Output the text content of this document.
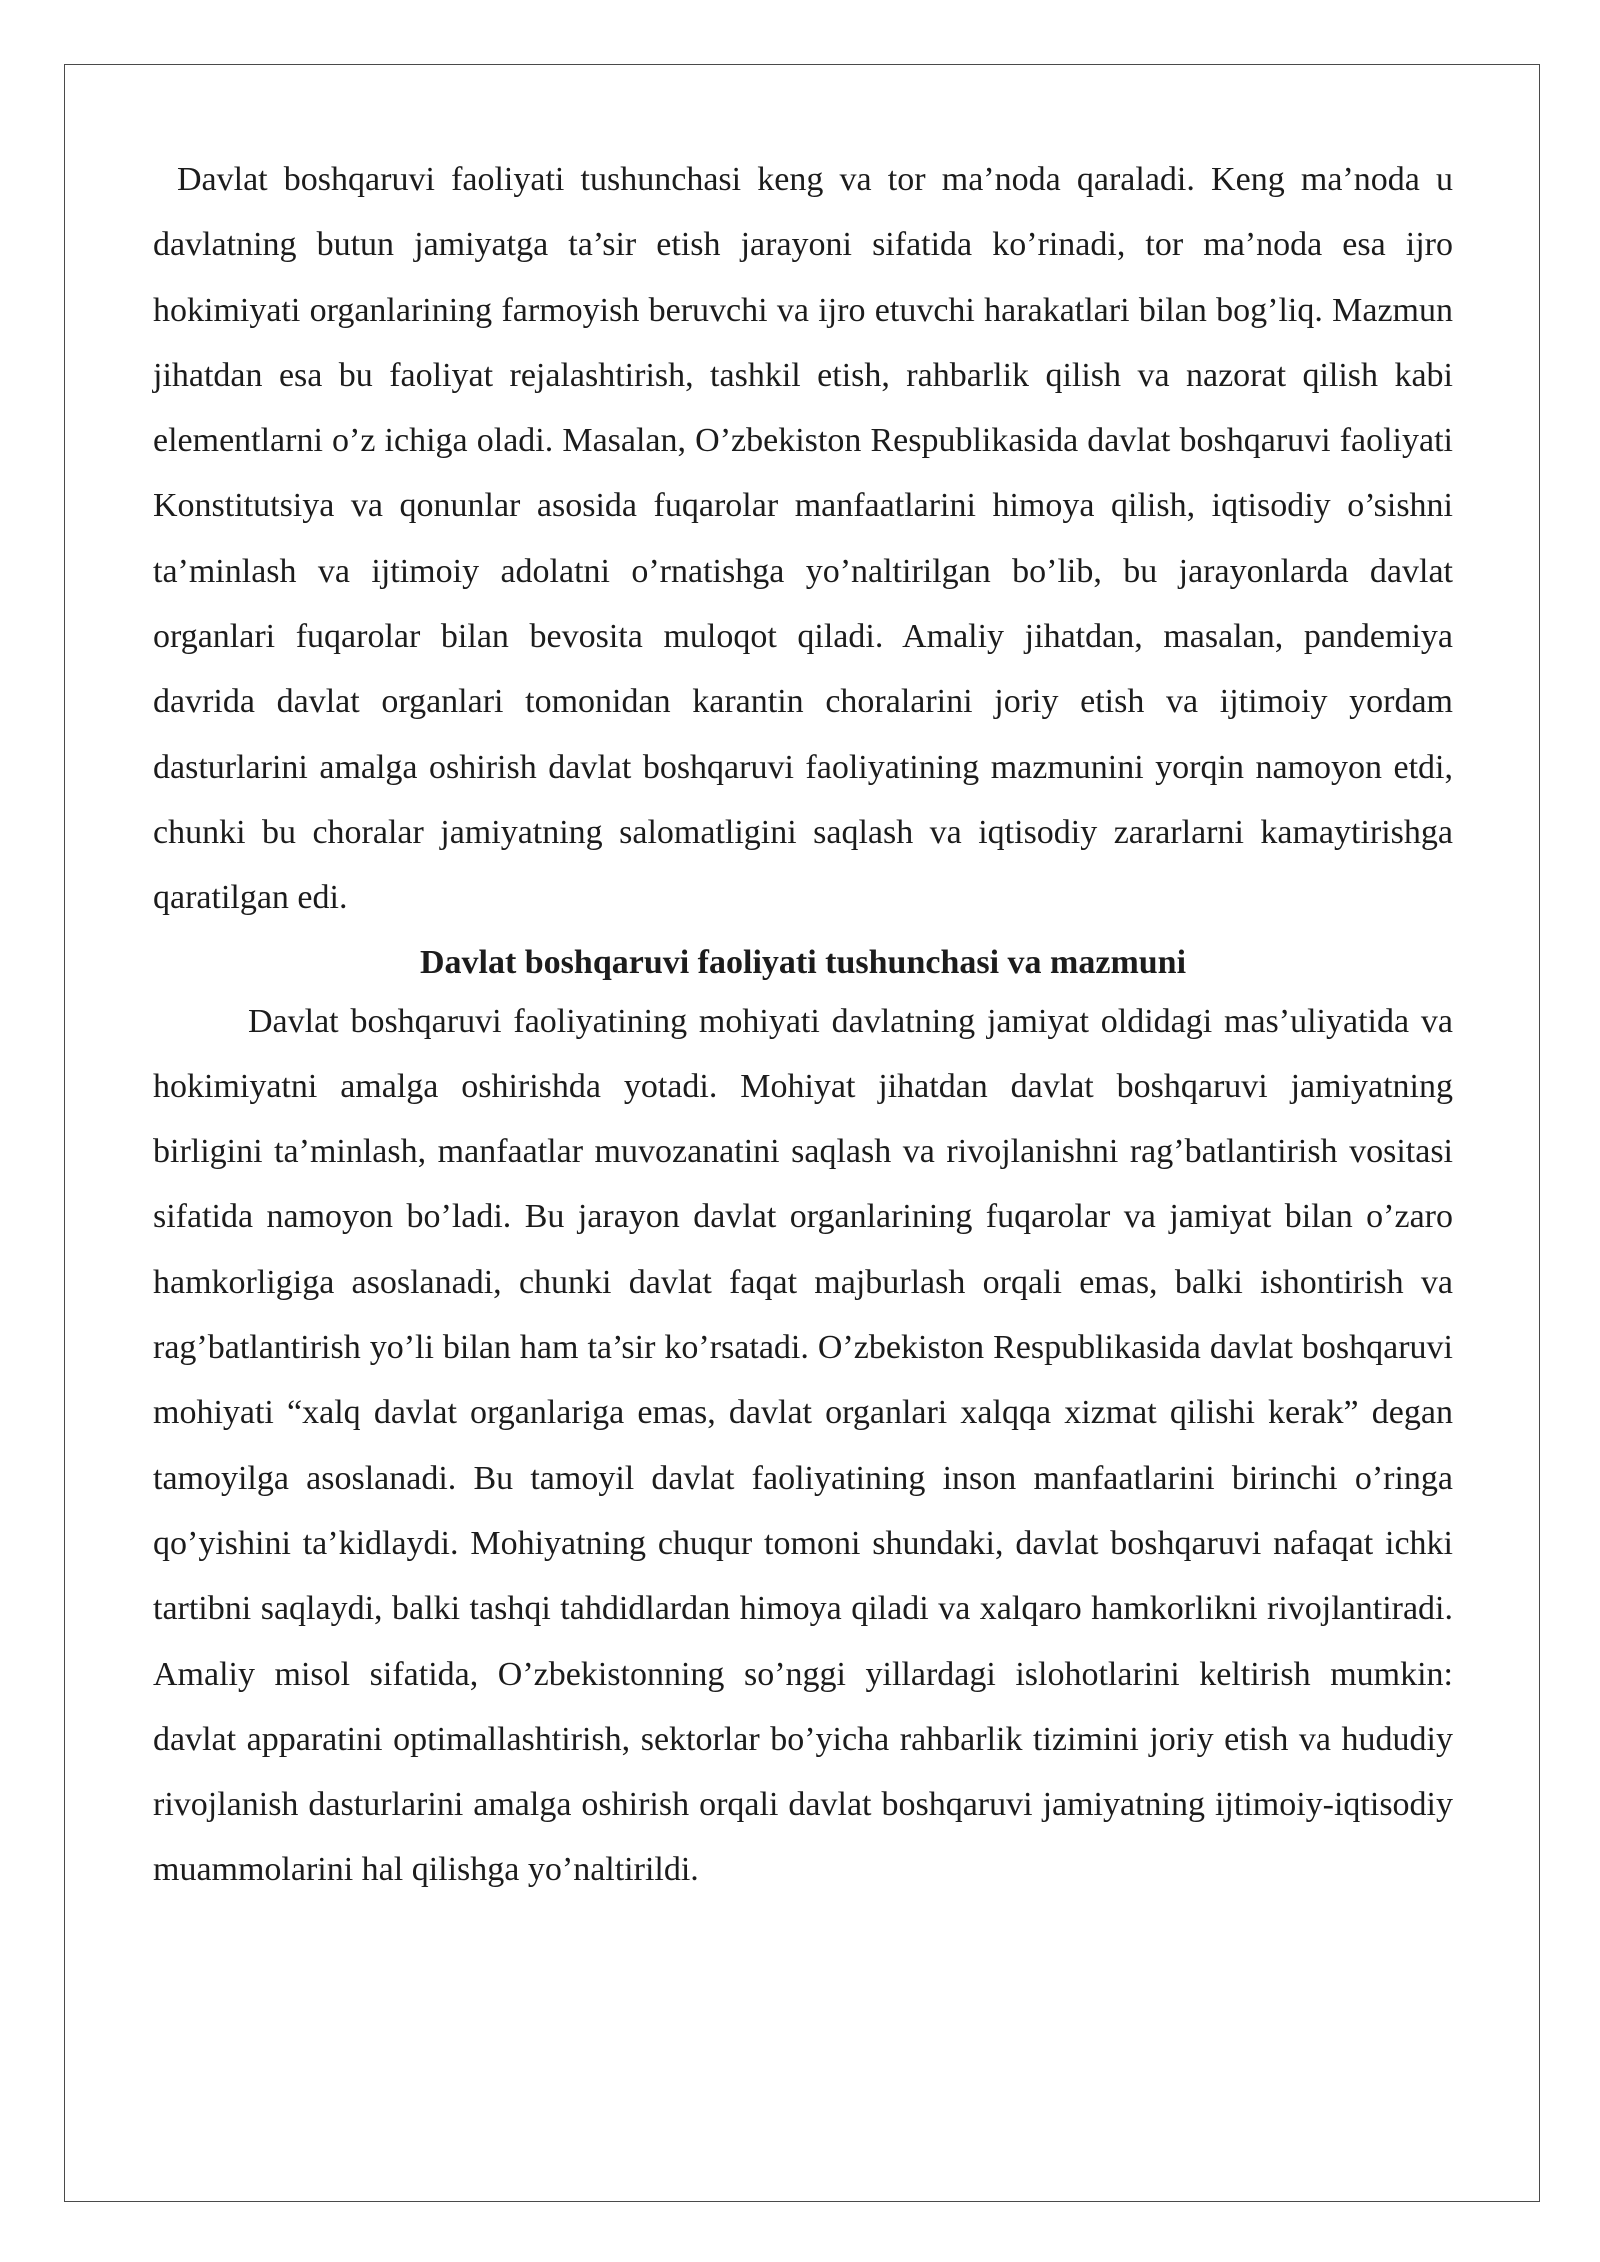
Davlat boshqaruvi faoliyati tushunchasi keng va tor ma’noda qaraladi. Keng ma’noda u davlatning butun jamiyatga ta’sir etish jarayoni sifatida ko’rinadi, tor ma’noda esa ijro hokimiyati organlarining farmoyish beruvchi va ijro etuvchi harakatlari bilan bog’liq. Mazmun jihatdan esa bu faoliyat rejalashtirish, tashkil etish, rahbarlik qilish va nazorat qilish kabi elementlarni o’z ichiga oladi. Masalan, O’zbekiston Respublikasida davlat boshqaruvi faoliyati Konstitutsiya va qonunlar asosida fuqarolar manfaatlarini himoya qilish, iqtisodiy o’sishni ta’minlash va ijtimoiy adolatni o’rnatishga yo’naltirilgan bo’lib, bu jarayonlarda davlat organlari fuqarolar bilan bevosita muloqot qiladi. Amaliy jihatdan, masalan, pandemiya davrida davlat organlari tomonidan karantin choralarini joriy etish va ijtimoiy yordam dasturlarini amalga oshirish davlat boshqaruvi faoliyatining mazmunini yorqin namoyon etdi, chunki bu choralar jamiyatning salomatligini saqlash va iqtisodiy zararlarni kamaytirishga qaratilgan edi.

Davlat boshqaruvi faoliyati tushunchasi va mazmuni

Davlat boshqaruvi faoliyatining mohiyati davlatning jamiyat oldidagi mas’uliyatida va hokimiyatni amalga oshirishda yotadi. Mohiyat jihatdan davlat boshqaruvi jamiyatning birligini ta’minlash, manfaatlar muvozanatini saqlash va rivojlanishni rag’batlantirish vositasi sifatida namoyon bo’ladi. Bu jarayon davlat organlarining fuqarolar va jamiyat bilan o’zaro hamkorligiga asoslanadi, chunki davlat faqat majburlash orqali emas, balki ishontirish va rag’batlantirish yo’li bilan ham ta’sir ko’rsatadi. O’zbekiston Respublikasida davlat boshqaruvi mohiyati “xalq davlat organlariga emas, davlat organlari xalqqa xizmat qilishi kerak” degan tamoyilga asoslanadi. Bu tamoyil davlat faoliyatining inson manfaatlarini birinchi o’ringa qo’yishini ta’kidlaydi. Mohiyatning chuqur tomoni shundaki, davlat boshqaruvi nafaqat ichki tartibni saqlaydi, balki tashqi tahdidlardan himoya qiladi va xalqaro hamkorlikni rivojlantiradi. Amaliy misol sifatida, O’zbekistonning so’nggi yillardagi islohotlarini keltirish mumkin: davlat apparatini optimallashtirish, sektorlar bo’yicha rahbarlik tizimini joriy etish va hududiy rivojlanish dasturlarini amalga oshirish orqali davlat boshqaruvi jamiyatning ijtimoiy-iqtisodiy muammolarini hal qilishga yo’naltirildi.
